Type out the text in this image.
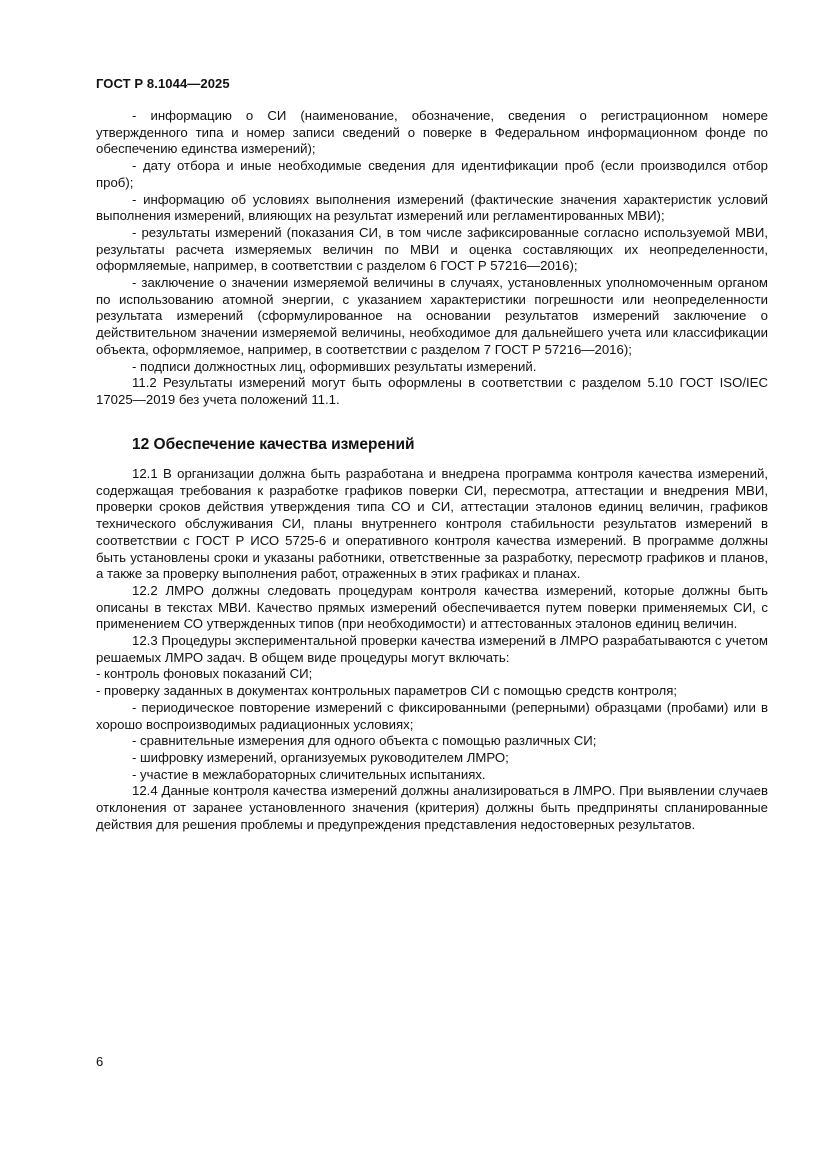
ГОСТ Р 8.1044—2025

- информацию о СИ (наименование, обозначение, сведения о регистрационном номере утвержденного типа и номер записи сведений о поверке в Федеральном информационном фонде по обеспечению единства измерений);

- дату отбора и иные необходимые сведения для идентификации проб (если производился отбор проб);

- информацию об условиях выполнения измерений (фактические значения характеристик условий выполнения измерений, влияющих на результат измерений или регламентированных МВИ);

- результаты измерений (показания СИ, в том числе зафиксированные согласно используемой МВИ, результаты расчета измеряемых величин по МВИ и оценка составляющих их неопределенности, оформляемые, например, в соответствии с разделом 6 ГОСТ Р 57216—2016);

- заключение о значении измеряемой величины в случаях, установленных уполномоченным органом по использованию атомной энергии, с указанием характеристики погрешности или неопределенности результата измерений (сформулированное на основании результатов измерений заключение о действительном значении измеряемой величины, необходимое для дальнейшего учета или классификации объекта, оформляемое, например, в соответствии с разделом 7 ГОСТ Р 57216—2016);

- подписи должностных лиц, оформивших результаты измерений.

11.2 Результаты измерений могут быть оформлены в соответствии с разделом 5.10 ГОСТ ISO/IEC 17025—2019 без учета положений 11.1.

12 Обеспечение качества измерений

12.1 В организации должна быть разработана и внедрена программа контроля качества измерений, содержащая требования к разработке графиков поверки СИ, пересмотра, аттестации и внедрения МВИ, проверки сроков действия утверждения типа СО и СИ, аттестации эталонов единиц величин, графиков технического обслуживания СИ, планы внутреннего контроля стабильности результатов измерений в соответствии с ГОСТ Р ИСО 5725-6 и оперативного контроля качества измерений. В программе должны быть установлены сроки и указаны работники, ответственные за разработку, пересмотр графиков и планов, а также за проверку выполнения работ, отраженных в этих графиках и планах.

12.2 ЛМРО должны следовать процедурам контроля качества измерений, которые должны быть описаны в текстах МВИ. Качество прямых измерений обеспечивается путем поверки применяемых СИ, с применением СО утвержденных типов (при необходимости) и аттестованных эталонов единиц величин.

12.3 Процедуры экспериментальной проверки качества измерений в ЛМРО разрабатываются с учетом решаемых ЛМРО задач. В общем виде процедуры могут включать:

- контроль фоновых показаний СИ;

- проверку заданных в документах контрольных параметров СИ с помощью средств контроля;

- периодическое повторение измерений с фиксированными (реперными) образцами (пробами) или в хорошо воспроизводимых радиационных условиях;

- сравнительные измерения для одного объекта с помощью различных СИ;

- шифровку измерений, организуемых руководителем ЛМРО;

- участие в межлабораторных сличительных испытаниях.

12.4 Данные контроля качества измерений должны анализироваться в ЛМРО. При выявлении случаев отклонения от заранее установленного значения (критерия) должны быть предприняты спланированные действия для решения проблемы и предупреждения представления недостоверных результатов.

6
